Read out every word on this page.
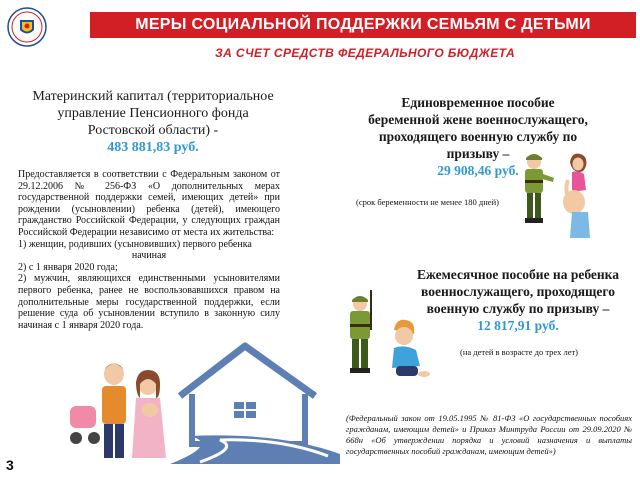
МЕРЫ СОЦИАЛЬНОЙ ПОДДЕРЖКИ СЕМЬЯМ С ДЕТЬМИ
ЗА СЧЕТ СРЕДСТВ ФЕДЕРАЛЬНОГО БЮДЖЕТА
Материнский капитал (территориальное
управление Пенсионного фонда
Ростовской области) -
483 881,83 руб.

Предоставляется в соответствии с Федеральным законом от 29.12.2006 № 256-ФЗ «О дополнительных мерах государственной поддержки семей, имеющих детей» при рождении (усыновлении) ребенка (детей), имеющего гражданство Российской Федерации, у следующих граждан Российской Федерации независимо от места их жительства:

1) женщин, родивших (усыновивших) первого ребенка

начиная

2) с 1 января 2020 года;

2) мужчин, являющихся единственными усыновителями первого ребенка, ранее не воспользовавшихся правом на дополнительные меры государственной поддержки, если решение суда об усыновлении вступило в законную силу начиная с 1 января 2020 года.

Единовременное пособие
беременной жене военнослужащего,
проходящего военную службу по
призыву –
29 908,46 руб.
(срок беременности не менее 180 дней)
Ежемесячное пособие на ребенка
военнослужащего, проходящего
военную службу по призыву –
12 817,91 руб.
(на детей в возрасте до трех лет)
(Федеральный закон от 19.05.1995 № 81-ФЗ «О государственных пособиях гражданам, имеющим детей» и Приказ Минтруда России от 29.09.2020 № 668н «Об утверждении порядка и условий назначения и выплаты государственных пособий гражданам, имеющим детей»)
3
